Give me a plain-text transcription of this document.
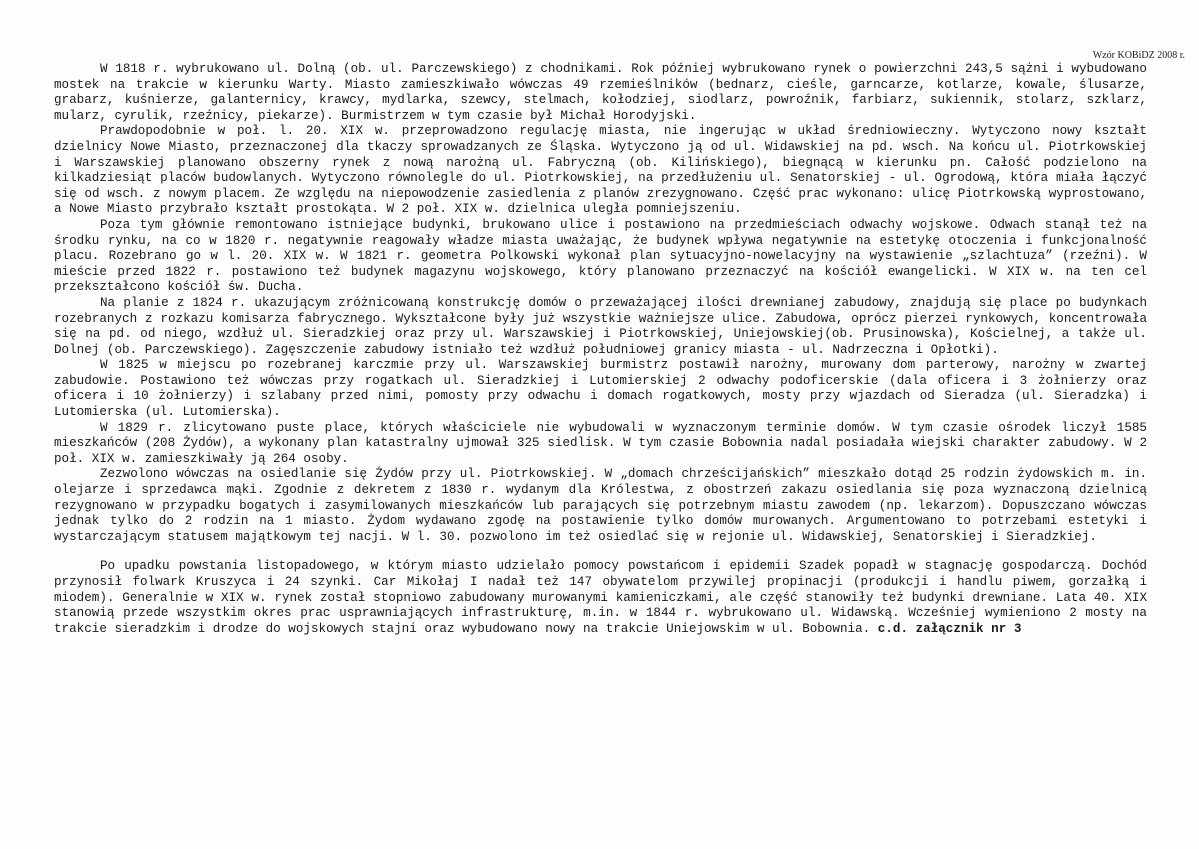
Wzór KOBiDZ 2008 r.

W 1818 r. wybrukowano ul. Dolną (ob. ul. Parczewskiego) z chodnikami. Rok później wybrukowano rynek o powierzchni 243,5 sążni i wybudowano mostek na trakcie w kierunku Warty. Miasto zamieszkiwało wówczas 49 rzemieślników (bednarz, cieśle, garncarze, kotlarze, kowale, ślusarze, grabarz, kuśnierze, galanternicy, krawcy, mydlarka, szewcy, stelmach, kołodziej, siodlarz, powroźnik, farbiarz, sukiennik, stolarz, szklarz, mularz, cyrulik, rzeźnicy, piekarze). Burmistrzem w tym czasie był Michał Horodyjski.

Prawdopodobnie w poł. l. 20. XIX w. przeprowadzono regulację miasta, nie ingerując w układ średniowieczny. Wytyczono nowy kształt dzielnicy Nowe Miasto, przeznaczonej dla tkaczy sprowadzanych ze Śląska. Wytyczono ją od ul. Widawskiej na pd. wsch. Na końcu ul. Piotrkowskiej i Warszawskiej planowano obszerny rynek z nową narożną ul. Fabryczną (ob. Kilińskiego), biegnącą w kierunku pn. Całość podzielono na kilkadziesiąt placów budowlanych. Wytyczono równolegle do ul. Piotrkowskiej, na przedłużeniu ul. Senatorskiej - ul. Ogrodową, która miała łączyć się od wsch. z nowym placem. Ze względu na niepowodzenie zasiedlenia z planów zrezygnowano. Część prac wykonano: ulicę Piotrkowską wyprostowano, a Nowe Miasto przybrało kształt prostokąta. W 2 poł. XIX w. dzielnica uległa pomniejszeniu.

Poza tym głównie remontowano istniejące budynki, brukowano ulice i postawiono na przedmieściach odwachy wojskowe. Odwach stanął też na środku rynku, na co w 1820 r. negatywnie reagowały władze miasta uważając, że budynek wpływa negatywnie na estetykę otoczenia i funkcjonalność placu. Rozebrano go w l. 20. XIX w. W 1821 r. geometra Polkowski wykonał plan sytuacyjno-nowelacyjny na wystawienie „szlachtuza” (rzeźni). W mieście przed 1822 r. postawiono też budynek magazynu wojskowego, który planowano przeznaczyć na kościół ewangelicki. W XIX w. na ten cel przekształcono kościół św. Ducha.

Na planie z 1824 r. ukazującym zróżnicowaną konstrukcję domów o przeważającej ilości drewnianej zabudowy, znajdują się place po budynkach rozebranych z rozkazu komisarza fabrycznego. Wykształcone były już wszystkie ważniejsze ulice. Zabudowa, oprócz pierzei rynkowych, koncentrowała się na pd. od niego, wzdłuż ul. Sieradzkiej oraz przy ul. Warszawskiej i Piotrkowskiej, Uniejowskiej(ob. Prusinowska), Kościelnej, a także ul. Dolnej (ob. Parczewskiego). Zagęszczenie zabudowy istniało też wzdłuż południowej granicy miasta - ul. Nadrzeczna i Opłotki).

W 1825 w miejscu po rozebranej karczmie przy ul. Warszawskiej burmistrz postawił narożny, murowany dom parterowy, narożny w zwartej zabudowie. Postawiono też wówczas przy rogatkach ul. Sieradzkiej i Lutomierskiej 2 odwachy podoficerskie (dala oficera i 3 żołnierzy oraz oficera i 10 żołnierzy) i szlabany przed nimi, pomosty przy odwachu i domach rogatkowych, mosty przy wjazdach od Sieradza (ul. Sieradzka) i Lutomierska (ul. Lutomierska).

W 1829 r. zlicytowano puste place, których właściciele nie wybudowali w wyznaczonym terminie domów. W tym czasie ośrodek liczył 1585 mieszkańców (208 Żydów), a wykonany plan katastralny ujmował 325 siedlisk. W tym czasie Bobownia nadal posiadała wiejski charakter zabudowy. W 2 poł. XIX w. zamieszkiwały ją 264 osoby.

Zezwolono wówczas na osiedlanie się Żydów przy ul. Piotrkowskiej. W „domach chrześcijańskich” mieszkało dotąd 25 rodzin żydowskich m. in. olejarze i sprzedawca mąki. Zgodnie z dekretem z 1830 r. wydanym dla Królestwa, z obostrzeń zakazu osiedlania się poza wyznaczoną dzielnicą rezygnowano w przypadku bogatych i zasymilowanych mieszkańców lub parających się potrzebnym miastu zawodem (np. lekarzom). Dopuszczano wówczas jednak tylko do 2 rodzin na 1 miasto. Żydom wydawano zgodę na postawienie tylko domów murowanych. Argumentowano to potrzebami estetyki i wystarczającym statusem majątkowym tej nacji. W l. 30. pozwolono im też osiedlać się w rejonie ul. Widawskiej, Senatorskiej i Sieradzkiej.

Po upadku powstania listopadowego, w którym miasto udzielało pomocy powstańcom i epidemii Szadek popadł w stagnację gospodarczą. Dochód przynosił folwark Kruszyca i 24 szynki. Car Mikołaj I nadał też 147 obywatelom przywilej propinacji (produkcji i handlu piwem, gorzałką i miodem). Generalnie w XIX w. rynek został stopniowo zabudowany murowanymi kamieniczkami, ale część stanowiły też budynki drewniane. Lata 40. XIX stanowią przede wszystkim okres prac usprawniających infrastrukturę, m.in. w 1844 r. wybrukowano ul. Widawską. Wcześniej wymieniono 2 mosty na trakcie sieradzkim i drodze do wojskowych stajni oraz wybudowano nowy na trakcie Uniejowskim w ul. Bobownia. c.d. załącznik nr 3
